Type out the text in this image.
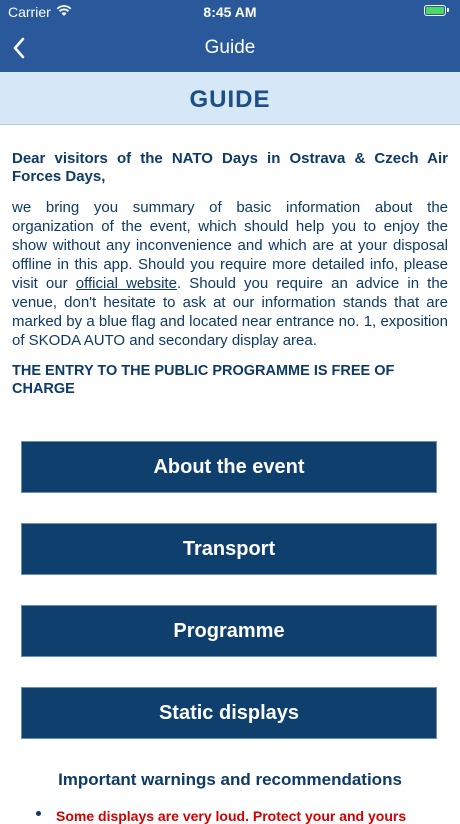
Carrier	8:45 AM
Guide
GUIDE

Dear visitors of the NATO Days in Ostrava & Czech Air Forces Days,

we bring you summary of basic information about the organization of the event, which should help you to enjoy the show without any inconvenience and which are at your disposal offline in this app. Should you require more detailed info, please visit our official website. Should you require an advice in the venue, don't hesitate to ask at our information stands that are marked by a blue flag and located near entrance no. 1, exposition of SKODA AUTO and secondary display area.

THE ENTRY TO THE PUBLIC PROGRAMME IS FREE OF CHARGE

About the event
Transport
Programme
Static displays
Important warnings and recommendations
Some displays are very loud. Protect your and yours
